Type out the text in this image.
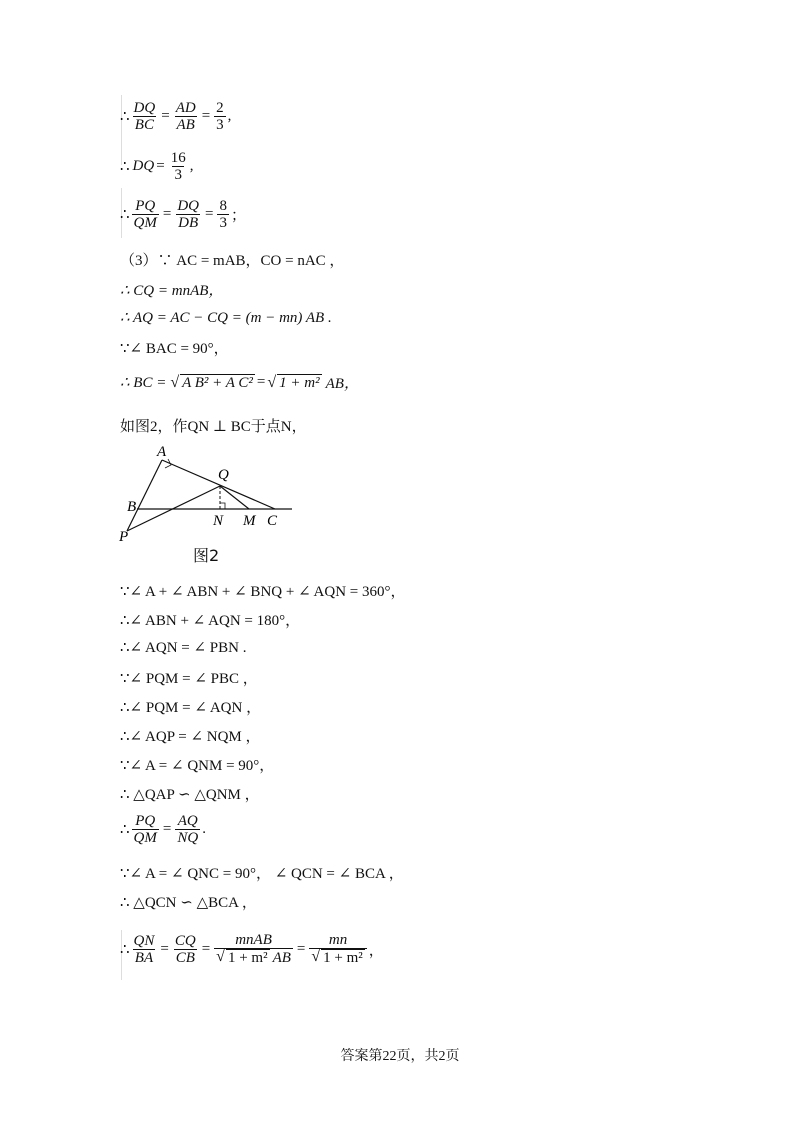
∴ $\frac{DQ}{BC} = \frac{AD}{AB} = \frac{2}{3}$ ,
∴ DQ = $\frac{16}{3}$ ,
∴ $\frac{PQ}{QM} = \frac{DQ}{DB} = \frac{8}{3}$ ；
（3）∵ AC = mAB，CO = nAC ，
∴ CQ = mnAB，
∴ AQ = AC − CQ = (m − mn) AB .
∵∠ BAC = 90°，
∴ BC = √ A B² + A C² = √ 1 + m² AB，
如图2，作QN ⊥ BC于点N，
A
B
P
Q
N M C
图2
∵∠ A + ∠ ABN + ∠ BNQ + ∠ AQN = 360°，
∴∠ ABN + ∠ AQN = 180°，
∴∠ AQN = ∠ PBN .
∵∠ PQM = ∠ PBC ，
∴∠ PQM = ∠ AQN ，
∴∠ AQP = ∠ NQM ，
∵∠ A = ∠ QNM = 90°，
∴ △QAP ∽ △QNM ，
∴ $\frac{PQ}{QM} = \frac{AQ}{NQ}$ .
∵∠ A = ∠ QNC = 90°， ∠ QCN = ∠ BCA ，
∴ △QCN ∽ △BCA ，
∴ $\frac{QN}{BA} = \frac{CQ}{CB} = \frac{\text{mnAB}}{\text{√ 1 + m² AB}} = \frac{mn}{\text{√ 1 + m²}}$ ，
答案第22页，共2页
